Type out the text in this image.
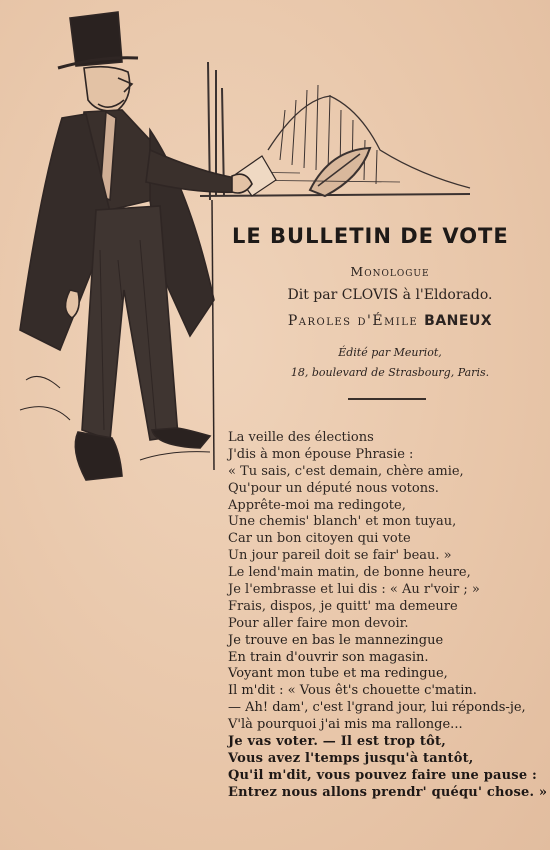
LE BULLETIN DE VOTE
Monologue
Dit par CLOVIS à l'Eldorado.
Paroles d'Émile BANEUX
Édité par Meuriot,
18, boulevard de Strasbourg, Paris.
La veille des élections
J'dis à mon épouse Phrasie :
« Tu sais, c'est demain, chère amie,
Qu'pour un député nous votons.
Apprête-moi ma redingote,
Une chemis' blanch' et mon tuyau,
Car un bon citoyen qui vote
Un jour pareil doit se fair' beau. »
Le lend'main matin, de bonne heure,
Je l'embrasse et lui dis : « Au r'voir ; »
Frais, dispos, je quitt' ma demeure
Pour aller faire mon devoir.
Je trouve en bas le mannezingue
En train d'ouvrir son magasin.
Voyant mon tube et ma redingue,
Il m'dit : « Vous êt's chouette c'matin.
— Ah! dam', c'est l'grand jour, lui réponds-je,
V'là pourquoi j'ai mis ma rallonge...
Je vas voter. — Il est trop tôt,
Vous avez l'temps jusqu'à tantôt,
Qu'il m'dit, vous pouvez faire une pause :
Entrez nous allons prendr' quéqu' chose. »
